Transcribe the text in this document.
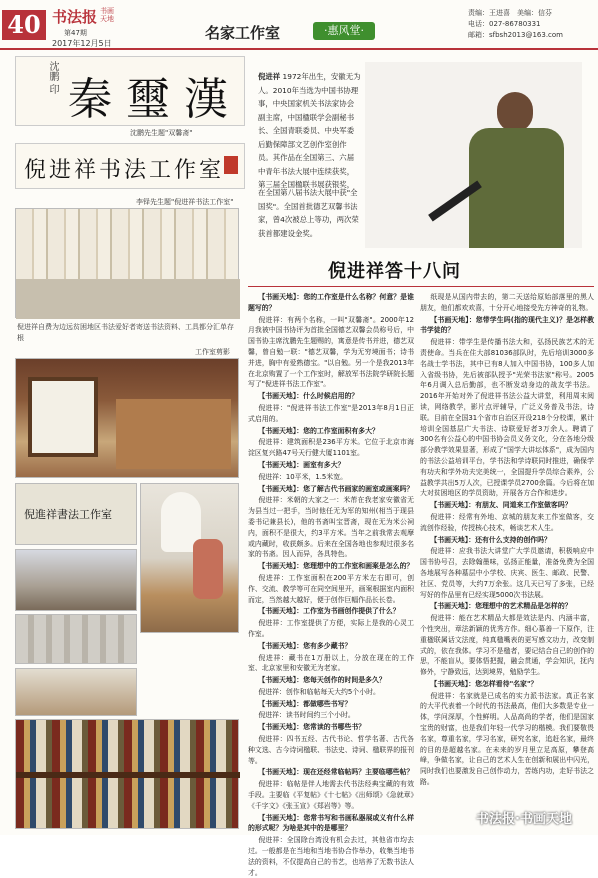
40 书法报 书画天地
第47期
2017年12月5日
名家工作室	·惠风堂·
责编：王进喜　美编：信芬
电话：027-86780331
邮箱：sfbsh2013@163.com
沈鹏 印 秦璽漢
沈鹏先生题"双馨斋"
倪进祥书法工作室
李铎先生题"倪进祥书法工作室"
倪进祥自费为边远贫困地区书法爱好者寄送书法资料、工具都分汇单存根
工作室剪影
倪進祥書法工作室
倪进祥 1972年出生，安徽无为人。2010年当选为中国书协理事，中央国家机关书法家协会副主席，中国楹联学会副秘书长、全国青联委员、中央军委后勤保障部文艺创作室创作员。其作品在全国第三、六届中青年书法大展中连续获奖，第三届全国楹联书展获银奖，
在全国第八届书法大展中获"全国奖"。全国首批德艺双馨书法家，曾4次被总上等功，两次荣获首都建设金奖。
倪进祥答十八问

【书画天地】：您的工作室是什么名称？何意？是谁题写的？

倪进祥：有两个名称，一叫"双馨斋"。2000年12月我被中国书协评为首批全国德艺双馨会员称号后，中国书协主席沈鹏先生题赐的，寓意是传书并进，德艺双馨，曾自勉一联："德艺双馨，学为无穷境面书；诗书并进，胸中有爱熟德宝。"以自勉。另一个是我2013年在北京购置了一个工作室时，解放军书法院学研院长题写了"倪进祥书法工作室"。

【书画天地】：什么时候启用的？

倪进祥："倪进祥书法工作室"是2013年8月1日正式启用的。

【书画天地】：您的工作室面积有多大？

倪进祥：建筑面积是236平方米。它位于北京市海淀区复兴路47号天行健大厦1101室。

【书画天地】：画室有多大？

倪进祥：10平米，1.5米宽。

【书画天地】：您了解古代书画家的画室或画案吗？

倪进祥：米朝的大家之一：米芾在我老家安徽省无为县当过一把手，当时他任无为军的知州(相当于现县委书记兼县长)，他的书斋叫宝晋斋，现在无为米公祠内，面积不是很大，约3平方米。当年之前我常去观摩或内藏时，收获颇多。后来在全国各地也参观过很多名家的书斋。因人而异，各具特色。

【书画天地】：您理想中的工作室和画案是怎么的？

倪进祥：工作室面积在200平方米左右即可，创作、交流、教学等可在同空间里开，画案根据室内面积而定，当然越大越好，便于创作巨幅作品长长卷。

【书画天地】：工作室为书画创作提供了什么？

倪进祥：工作室提供了方便，实际上是我的心灵工作室。

【书画天地】：您有多少藏书？

倪进祥：藏书在1万册以上，分放在现在的工作室、北京家里和安徽无为老家。

【书画天地】：您每天创作的时间是多久？

倪进祥：创作和临帖每天大约5个小时。

【书画天地】：都做哪些书写？

倪进祥：读书时间约三个小时。

【书画天地】：您常读的书哪些书？

倪进祥：四书五经、古代书论、哲学名著、古代各种文选、古今诗词楹联、书法史、诗词、楹联界的报刊等。

【书画天地】：现在还经常临帖吗？主要临哪些帖？

倪进祥：临帖是伴人地需去代书法经典宝藏的有效手段。主要临《平复帖》《十七帖》《出师颂》《急就章》《千字文》《张玉宣》《郑岩等》等。

【书画天地】：您常书写和书画私器展或义有什么样的形式呢？为啥是其中的是哪里？

倪进祥：全国除台湾没有机会去过，其他省市均去过。一般都是在当地和当地书协合作举办，收集当地书法的资料，不仅提高自己的书艺，也培养了无数书法人才。

纸现是从国内带去的，第二天送给原始部落里的黑人朋友，他们都欢欢喜，十分开心地接受先方神奇的礼物。

【书画天地】：您带学生吗(指的现代主义)？是怎样教书学徒的？

倪进祥：带学生是传播书法大和，弘扬民族艺术的无责使命。当兵在住大部81036部队时，先后培训3000多名战士学书法，其中已有8人加入中国书协，100多人加入省级书协，先后被部队授予"光荣书法家"称号。2005年6月调入总后勤部，也不断发动身边的战友学书法。2016年开始对外了倪进祥书法公益大讲堂，利用周末阅读，网络教学，影片点评辅导，广泛义务普及书法，诗联。目前在全国31个省市自治区开设218个分校课，累计培训全国基层广大书法、诗联爱好者3万余人。聘请了300名有公益心的中国书协会员义务文化，分在各地分级部分教学效果显著，形成了"国学大讲坛体系"，成为国内的书法公益培训平台，学书法和学诗联同时推进，确保学有功夫和学外功夫完美统一，全国提升学员综合素养，公益教学共出5万人次，已授课学员2700余篇。今后将在加大对贫困地区的学员资助，开展各方合作和进步。

【书画天地】：有朋友、同道来工作室做客吗？

倪进祥：经常有外地、京城的朋友来工作室做客，交流创作经验，传授核心技术，畅谈艺术人生。

【书画天地】：还有什么支持的创作吗？

倪进祥：应我书法大讲堂广大学员邀请，积极响应中国书协号召，去除翰墨味，弘扬正能量，准备免费为全国各地展写各种墓层中小学校、庆宾、医生、邮政、民警、社区、党员等，大约7万余张。这几天已写了多张，已经写好的作品里有已经实现5000次书法展。

【书画天地】：您理想中的艺术精品是怎样的？

倪进祥：能在艺术精品大都是效法是内、内涵丰富，个性突出，章法新颖的优秀方作。细心慕善一下原作，注重楹联属话文法度，纯真楹嘴表的更写感文功力，改变制式的，依在我体。学习不是楹者，要记结合自己的创作的思，不能盲从，要体悟把握，融会贯通，学会知识，抚内修外，宁静致远，达到境界，勉励学生。

【书画天地】：您怎样看待"名家"？

倪进祥：名家就是已成名的实力派书法家。真正名家的大平代表着一个时代的书法最高，他们大多数是专业一体，学问深厚，个性鲜明。人品高尚的学者，他们是国家宝贵的财富，也是我们年轻一代学习的楷模。我们要敬畏名家，尊重名家，学习名家，研究名家，追赶名家，最终的目的是超越名家。在未来的岁月里立足高原，攀登高峰，争做名家，让自己的艺术人生在创新和展出中闪光，同时我们也要激发自己创作动力，苦练内功，走好书法之路。

书法报·书画天地
